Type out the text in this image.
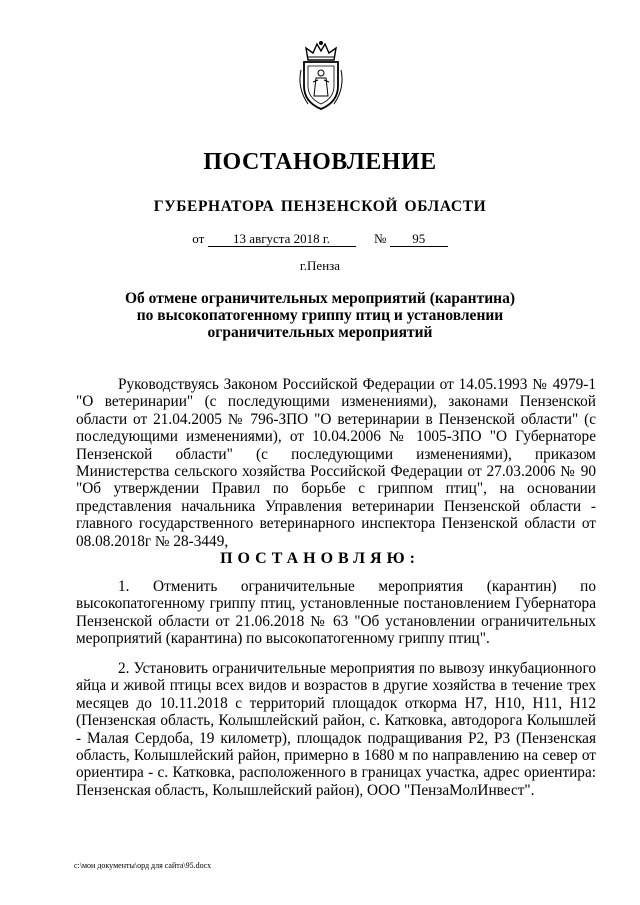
ПОСТАНОВЛЕНИЕ
ГУБЕРНАТОРА ПЕНЗЕНСКОЙ ОБЛАСТИ
от 13 августа 2018 г.	№ 95
г.Пенза
Об отмене ограничительных мероприятий (карантина)
по высокопатогенному гриппу птиц и установлении
ограничительных мероприятий

Руководствуясь Законом Российской Федерации от 14.05.1993 № 4979-1 "О ветеринарии" (с последующими изменениями), законами Пензенской области от 21.04.2005 № 796-ЗПО "О ветеринарии в Пензенской области" (с последующими изменениями), от 10.04.2006 № 1005-ЗПО "О Губернаторе Пензенской области" (с последующими изменениями), приказом Министерства сельского хозяйства Российской Федерации от 27.03.2006 № 90 "Об утверждении Правил по борьбе с гриппом птиц", на основании представления начальника Управления ветеринарии Пензенской области - главного государственного ветеринарного инспектора Пензенской области от 08.08.2018г № 28-3449,

ПОСТАНОВЛЯЮ:

1. Отменить ограничительные мероприятия (карантин) по высокопатогенному гриппу птиц, установленные постановлением Губернатора Пензенской области от 21.06.2018 № 63 "Об установлении ограничительных мероприятий (карантина) по высокопатогенному гриппу птиц".

2. Установить ограничительные мероприятия по вывозу инкубационного яйца и живой птицы всех видов и возрастов в другие хозяйства в течение трех месяцев до 10.11.2018 с территорий площадок откорма Н7, Н10, Н11, Н12 (Пензенская область, Колышлейский район, с. Катковка, автодорога Колышлей - Малая Сердоба, 19 километр), площадок подращивания Р2, Р3 (Пензенская область, Колышлейский район, примерно в 1680 м по направлению на север от ориентира - с. Катковка, расположенного в границах участка, адрес ориентира: Пензенская область, Колышлейский район), ООО "ПензаМолИнвест".

c:\мои документы\орд для сайта\95.docx
